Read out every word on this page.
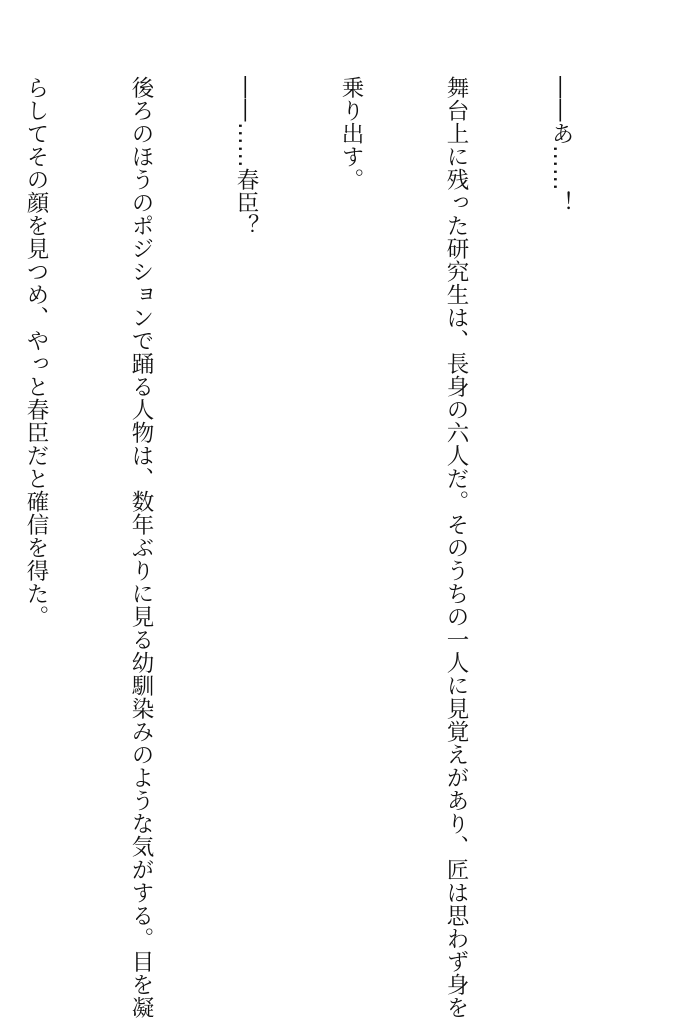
――あ……！

舞台上に残った研究生は、長身の六人だ。そのうちの一人に見覚えがあり、匠は思わず身を

乗り出す。

――……春臣？

後ろのほうのポジションで踊る人物は、数年ぶりに見る幼馴染みのような気がする。目を凝

らしてその顔を見つめ、やっと春臣だと確信を得た。
